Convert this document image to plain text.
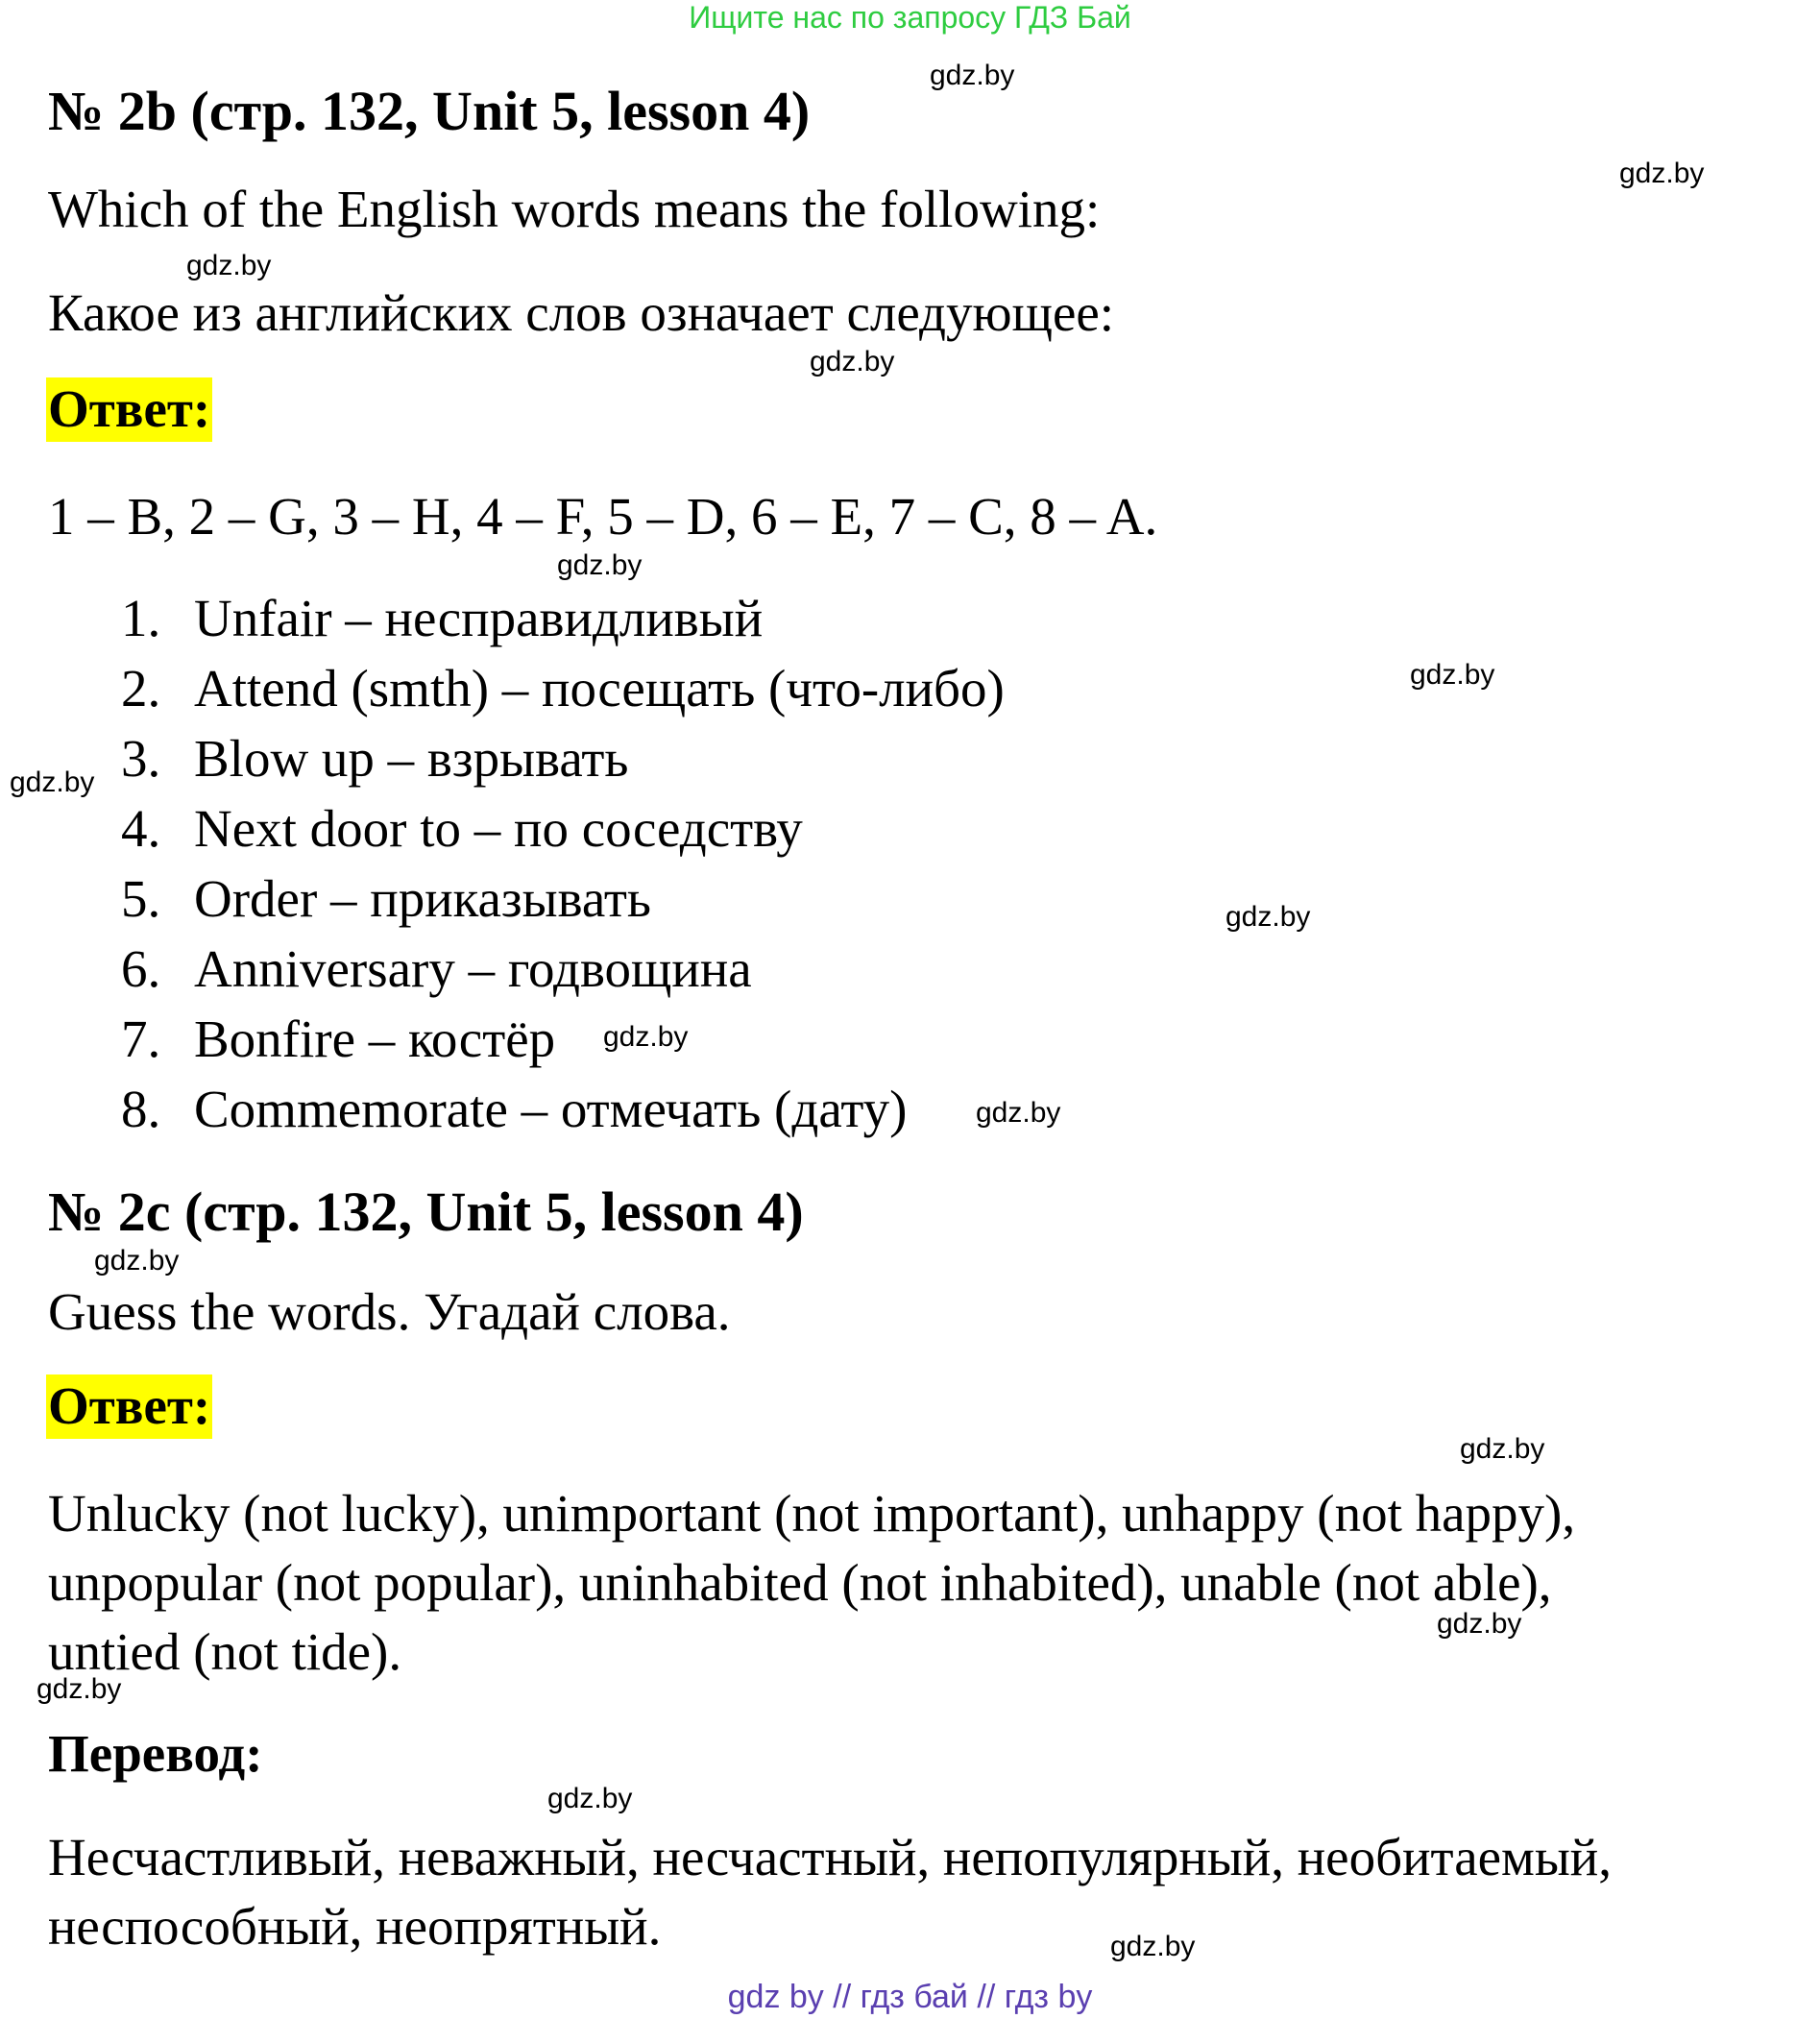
Ищите нас по запросу ГДЗ Бай
№ 2b (стр. 132, Unit 5, lesson 4)
Which of the English words means the following:
Какое из английских слов означает следующее:
Ответ:
1 – B, 2 – G, 3 – H, 4 – F, 5 – D, 6 – E, 7 – C, 8 – A.
1. Unfair – несправидливый
2. Attend (smth) – посещать (что-либо)
3. Blow up – взрывать
4. Next door to – по соседству
5. Order – приказывать
6. Anniversary – годвощина
7. Bonfire – костёр
8. Commemorate – отмечать (дату)
№ 2c (стр. 132, Unit 5, lesson 4)
Guess the words. Угадай слова.
Ответ:
Unlucky (not lucky), unimportant (not important), unhappy (not happy),
unpopular (not popular), uninhabited (not inhabited), unable (not able),
untied (not tide).
Перевод:
Несчастливый, неважный, несчастный, непопулярный, необитаемый,
неспособный, неопрятный.
gdz.by
gdz.by
gdz.by
gdz.by
gdz.by
gdz.by
gdz.by
gdz.by
gdz.by
gdz.by
gdz.by
gdz.by
gdz.by
gdz.by
gdz.by
gdz.by
gdz by // гдз бай // гдз by
